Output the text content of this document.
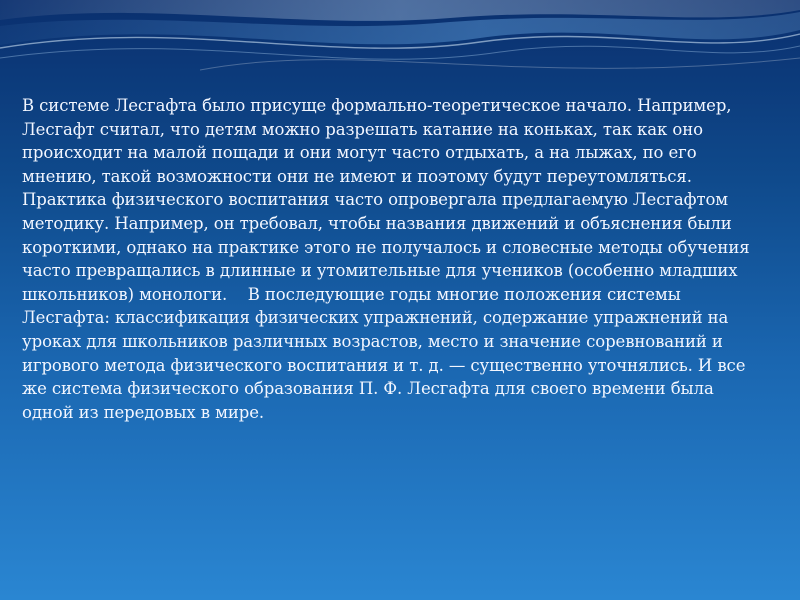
В системе Лесгафта было присуще формально-теоретическое начало. Например,
Лесгафт считал, что детям можно разрешать катание на коньках, так как оно
происходит на малой пощади и они могут часто отдыхать, а на лыжах, по его
мнению, такой возможности они не имеют и поэтому будут переутомляться.
Практика физического воспитания часто опровергала предлагаемую Лесгафтом
методику. Например, он требовал, чтобы названия движений и объяснения были
короткими, однако на практике этого не получалось и словесные методы обучения
часто превращались в длинные и утомительные для учеников (особенно младших
школьников) монологи.    В последующие годы многие положения системы
Лесгафта: классификация физических упражнений, содержание упражнений на
уроках для школьников различных возрастов, место и значение соревнований и
игрового метода физического воспитания и т. д. — существенно уточнялись. И все
же система физического образования П. Ф. Лесгафта для своего времени была
одной из передовых в мире.
